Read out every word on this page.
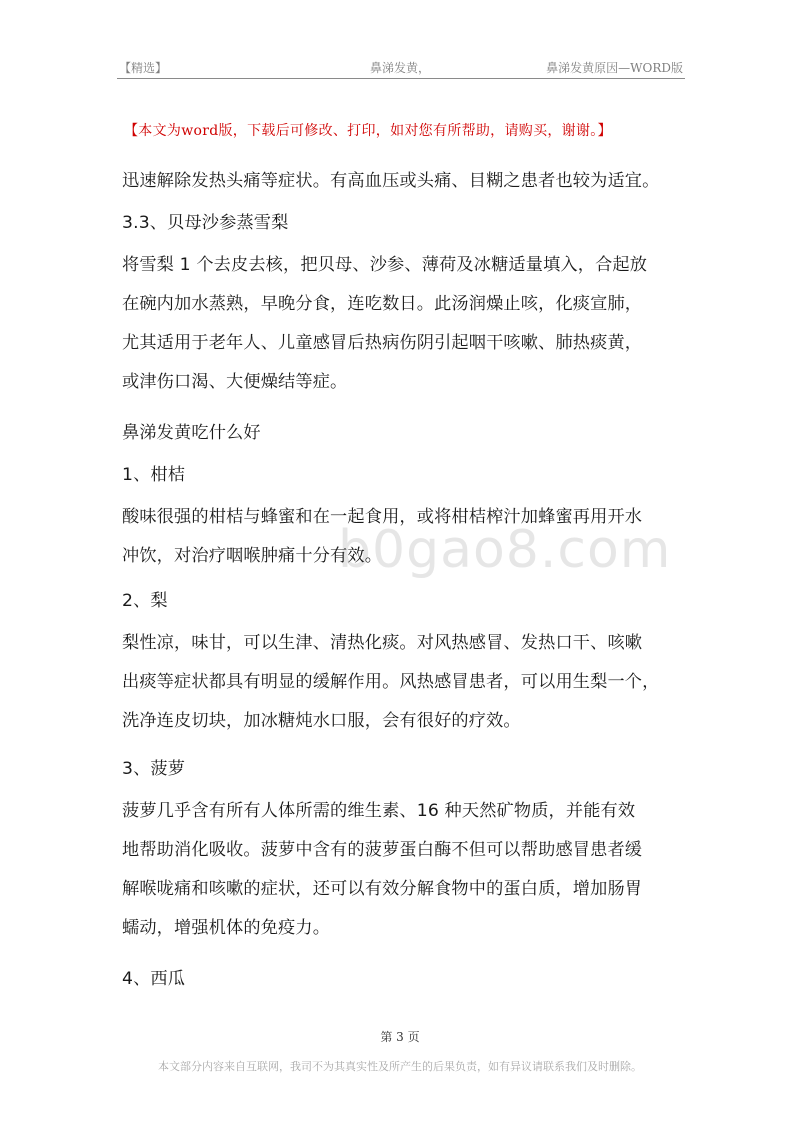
【精选】	鼻涕发黄，	鼻涕发黄原因—WORD版
【本文为word版，下载后可修改、打印，如对您有所帮助，请购买，谢谢。】
b0gao8.com
迅速解除发热头痛等症状。有高血压或头痛、目糊之患者也较为适宜。
3.3、贝母沙参蒸雪梨
将雪梨 1 个去皮去核，把贝母、沙参、薄荷及冰糖适量填入，合起放
在碗内加水蒸熟，早晚分食，连吃数日。此汤润燥止咳，化痰宣肺，
尤其适用于老年人、儿童感冒后热病伤阴引起咽干咳嗽、肺热痰黄，
或津伤口渴、大便燥结等症。
鼻涕发黄吃什么好
1、柑桔
酸味很强的柑桔与蜂蜜和在一起食用，或将柑桔榨汁加蜂蜜再用开水
冲饮，对治疗咽喉肿痛十分有效。
2、梨
梨性凉，味甘，可以生津、清热化痰。对风热感冒、发热口干、咳嗽
出痰等症状都具有明显的缓解作用。风热感冒患者，可以用生梨一个，
洗净连皮切块，加冰糖炖水口服，会有很好的疗效。
3、菠萝
菠萝几乎含有所有人体所需的维生素、16 种天然矿物质，并能有效
地帮助消化吸收。菠萝中含有的菠萝蛋白酶不但可以帮助感冒患者缓
解喉咙痛和咳嗽的症状，还可以有效分解食物中的蛋白质，增加肠胃
蠕动，增强机体的免疫力。
4、西瓜
第 3 页
本文部分内容来自互联网，我司不为其真实性及所产生的后果负责，如有异议请联系我们及时删除。
